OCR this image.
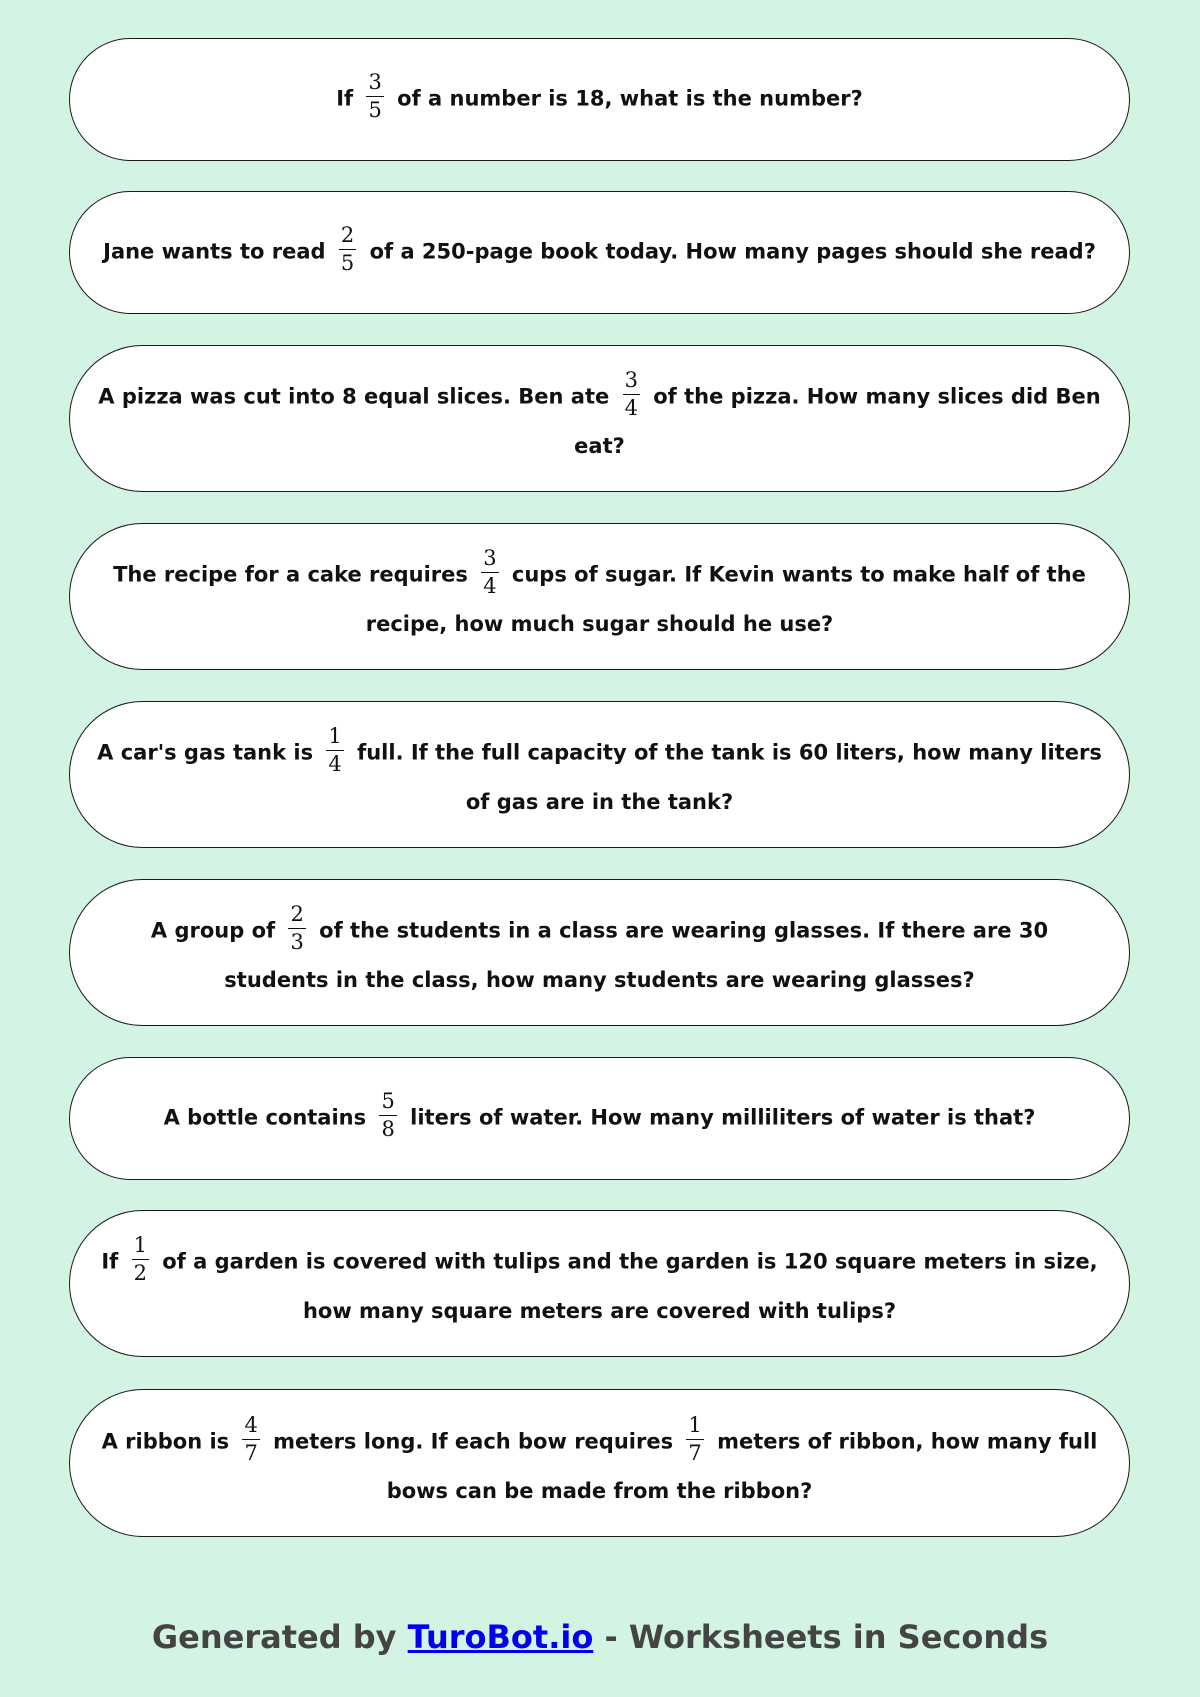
If $\frac{3}{5}$ of a number is 18, what is the number?
Jane wants to read $\frac{2}{5}$ of a 250-page book today. How many pages should she read?
A pizza was cut into 8 equal slices. Ben ate $\frac{3}{4}$ of the pizza. How many slices did Ben eat?
The recipe for a cake requires $\frac{3}{4}$ cups of sugar. If Kevin wants to make half of the recipe, how much sugar should he use?
A car's gas tank is $\frac{1}{4}$ full. If the full capacity of the tank is 60 liters, how many liters of gas are in the tank?
A group of $\frac{2}{3}$ of the students in a class are wearing glasses. If there are 30 students in the class, how many students are wearing glasses?
A bottle contains $\frac{5}{8}$ liters of water. How many milliliters of water is that?
If $\frac{1}{2}$ of a garden is covered with tulips and the garden is 120 square meters in size, how many square meters are covered with tulips?
A ribbon is $\frac{4}{7}$ meters long. If each bow requires $\frac{1}{7}$ meters of ribbon, how many full bows can be made from the ribbon?
Generated by TuroBot.io - Worksheets in Seconds
